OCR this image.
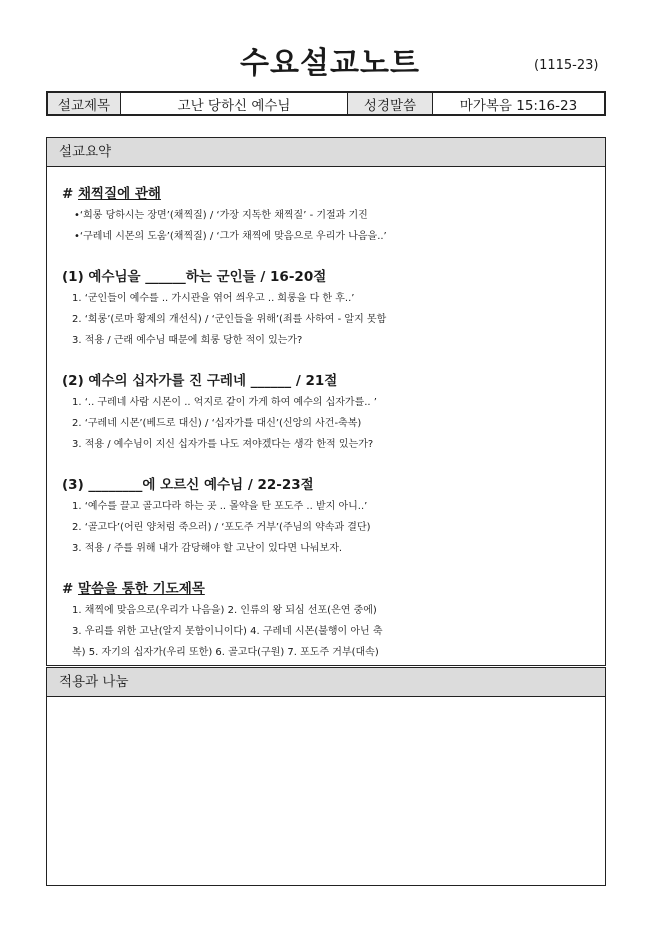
수요설교노트	(1115-23)
설교제목	고난 당하신 예수님	성경말씀	마가복음 15:16-23
설교요약
# 채찍질에 관해
•‘희롱 당하시는 장면’(채찍질) / ‘가장 지독한 채찍질’ - 기절과 기진
•‘구레네 시몬의 도움’(채찍질) / ‘그가 채찍에 맞음으로 우리가 나음을..’
(1) 예수님을 ______하는 군인들 / 16-20절
1. ‘군인들이 예수를 .. 가시관을 엮어 씌우고 .. 희롱을 다 한 후..’
2. ‘희롱’(로마 황제의 개선식) / ‘군인들을 위해’(죄를 사하여 - 알지 못함
3. 적용 / 근래 예수님 때문에 희롱 당한 적이 있는가?
(2) 예수의 십자가를 진 구레네 ______ / 21절
1. ‘.. 구레네 사람 시몬이 .. 억지로 같이 가게 하여 예수의 십자가를.. ’
2. ‘구레네 시몬’(베드로 대신) / ‘십자가를 대신’(신앙의 사건-축복)
3. 적용 / 예수님이 지신 십자가를 나도 져야겠다는 생각 한적 있는가?
(3) ________에 오르신 예수님 / 22-23절
1. ‘예수를 끌고 골고다라 하는 곳 .. 몰약을 탄 포도주 .. 받지 아니..’
2. ‘골고다’(어린 양처럼 죽으러) / ‘포도주 거부’(주님의 약속과 결단)
3. 적용 / 주를 위해 내가 감당해야 할 고난이 있다면 나눠보자.
# 말씀을 통한 기도제목
1. 채찍에 맞음으로(우리가 나음을) 2. 인류의 왕 되심 선포(은연 중에)
3. 우리를 위한 고난(알지 못함이니이다) 4. 구레네 시몬(불행이 아닌 축
복) 5. 자기의 십자가(우리 또한) 6. 골고다(구원) 7. 포도주 거부(대속)
적용과 나눔
